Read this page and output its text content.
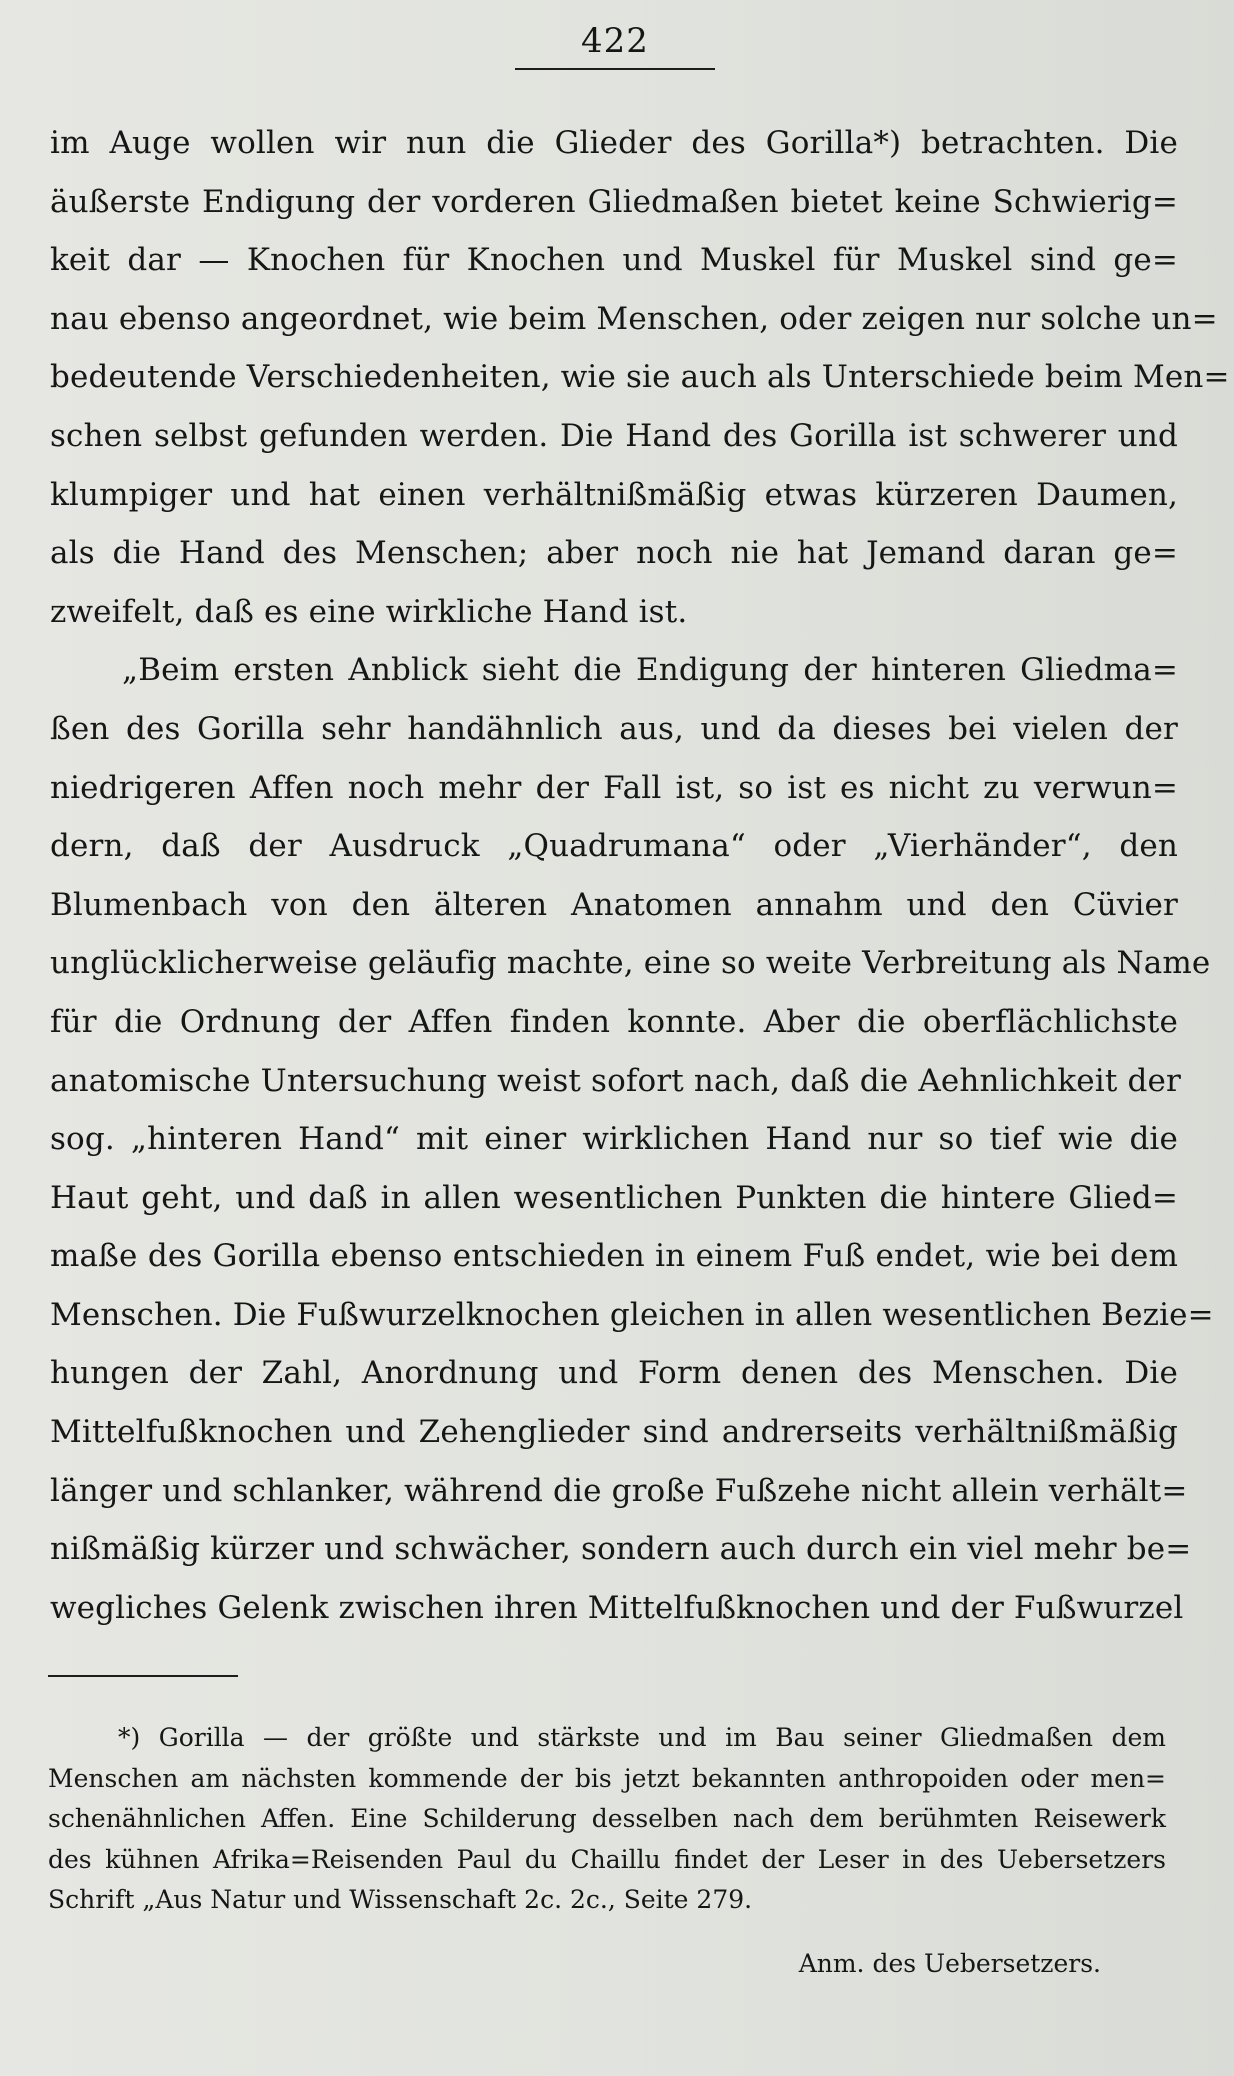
422
im Auge wollen wir nun die Glieder des Gorilla*) betrachten. Die
äußerste Endigung der vorderen Gliedmaßen bietet keine Schwierig=
keit dar — Knochen für Knochen und Muskel für Muskel sind ge=
nau ebenso angeordnet, wie beim Menschen, oder zeigen nur solche un=
bedeutende Verschiedenheiten, wie sie auch als Unterschiede beim Men=
schen selbst gefunden werden. Die Hand des Gorilla ist schwerer und
klumpiger und hat einen verhältnißmäßig etwas kürzeren Daumen,
als die Hand des Menschen; aber noch nie hat Jemand daran ge=
zweifelt, daß es eine wirkliche Hand ist.
„Beim ersten Anblick sieht die Endigung der hinteren Gliedma=
ßen des Gorilla sehr handähnlich aus, und da dieses bei vielen der
niedrigeren Affen noch mehr der Fall ist, so ist es nicht zu verwun=
dern, daß der Ausdruck „Quadrumana“ oder „Vierhänder“, den
Blumenbach von den älteren Anatomen annahm und den Cüvier
unglücklicherweise geläufig machte, eine so weite Verbreitung als Name
für die Ordnung der Affen finden konnte. Aber die oberflächlichste
anatomische Untersuchung weist sofort nach, daß die Aehnlichkeit der
sog. „hinteren Hand“ mit einer wirklichen Hand nur so tief wie die
Haut geht, und daß in allen wesentlichen Punkten die hintere Glied=
maße des Gorilla ebenso entschieden in einem Fuß endet, wie bei dem
Menschen. Die Fußwurzelknochen gleichen in allen wesentlichen Bezie=
hungen der Zahl, Anordnung und Form denen des Menschen. Die
Mittelfußknochen und Zehenglieder sind andrerseits verhältnißmäßig
länger und schlanker, während die große Fußzehe nicht allein verhält=
nißmäßig kürzer und schwächer, sondern auch durch ein viel mehr be=
wegliches Gelenk zwischen ihren Mittelfußknochen und der Fußwurzel
*) Gorilla — der größte und stärkste und im Bau seiner Gliedmaßen dem
Menschen am nächsten kommende der bis jetzt bekannten anthropoiden oder men=
schenähnlichen Affen. Eine Schilderung desselben nach dem berühmten Reisewerk
des kühnen Afrika=Reisenden Paul du Chaillu findet der Leser in des Uebersetzers
Schrift „Aus Natur und Wissenschaft 2c. 2c., Seite 279.
Anm. des Uebersetzers.
